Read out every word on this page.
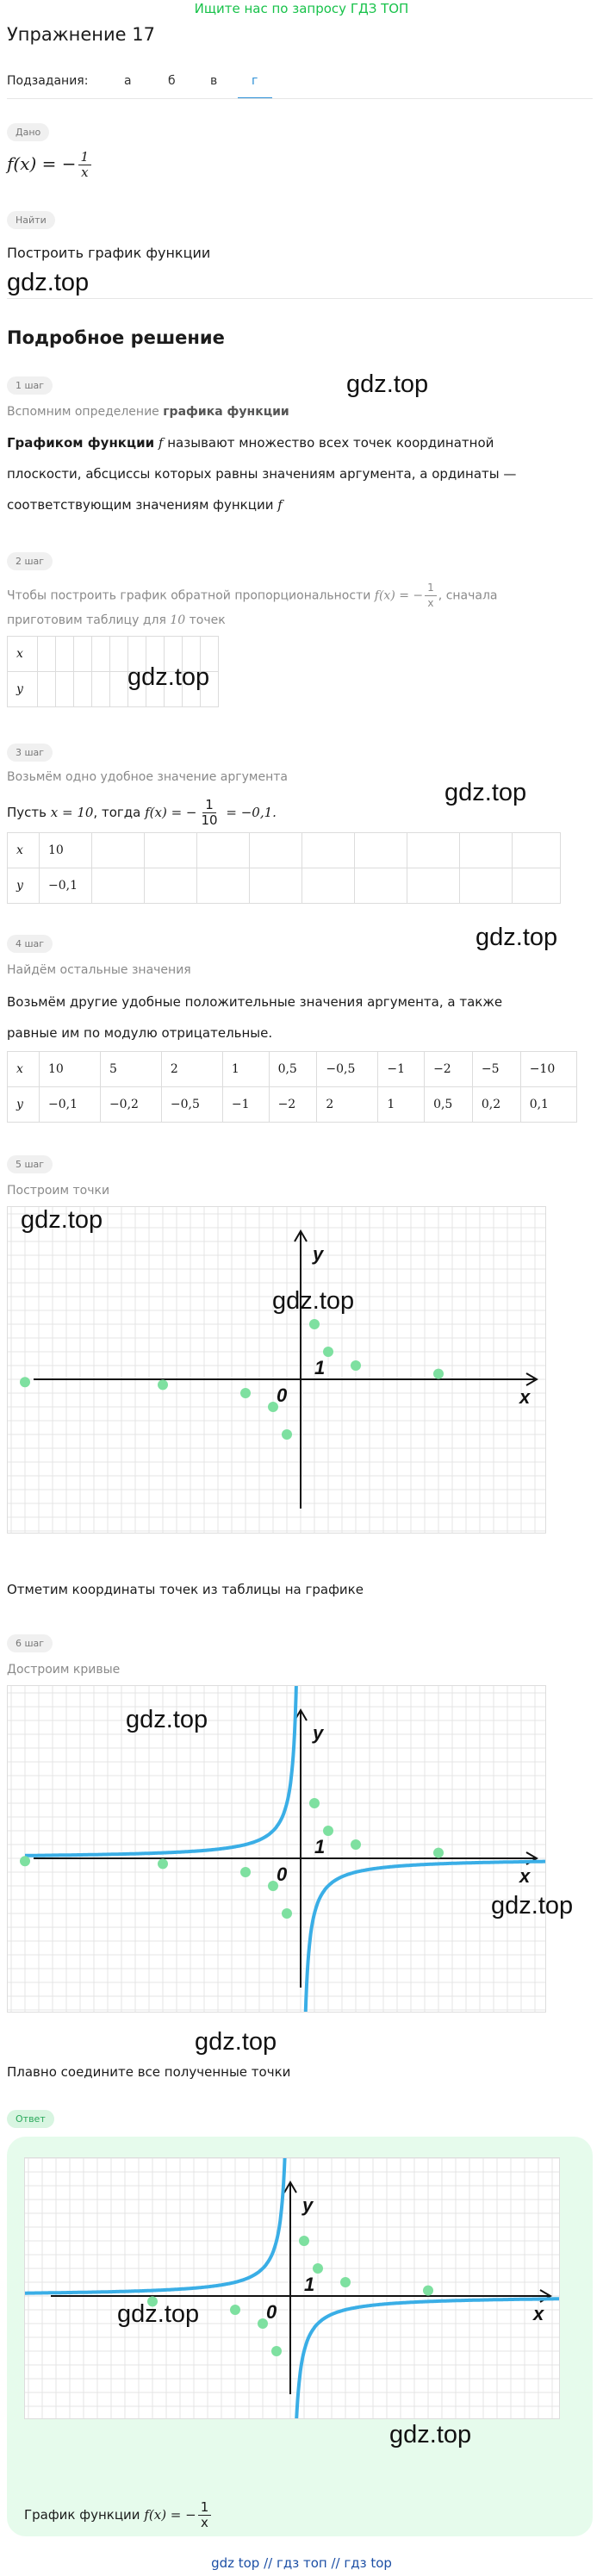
Ищите нас по запросу ГДЗ ТОП
Упражнение 17
Подзадания:	а	б	в	г
Дано
f(x) = − $\frac{1}{x}$
Найти
Построить график функции
gdz.top
Подробное решение
gdz.top
1 шаг
Вспомним определение графика функции
Графиком функции f называют множество всех точек координатной
плоскости, абсциссы которых равны значениям аргумента, а ординаты —
соответствующим значениям функции f
2 шаг
Чтобы построить график обратной пропорциональности f(x) = − $\frac{1}{x}$ , сначала
приготовим таблицу для 10 точек
x										
y											gdz.top
3 шаг
gdz.top
Возьмём одно удобное значение аргумента
Пусть x = 10, тогда f(x) = − $\frac{1}{10} = -0,1$.
x	10									
y	−0,1									
4 шаг	gdz.top
Найдём остальные значения
Возьмём другие удобные положительные значения аргумента, а также
равные им по модулю отрицательные.
x	10	5	2	1	0,5	−0,5	−1	−2	−5	−10
y	−0,1	−0,2	−0,5	−1	−2	2	1	0,5	0,2	0,1
5 шаг
Построим точки
x
y
0
1
gdz.top
gdz.top
Отметим координаты точек из таблицы на графике
6 шаг
Достроим кривые
x
y
0
1
gdz.top
gdz.top
gdz.top
Плавно соедините все полученные точки
Ответ
x
y
0
1
gdz.top
gdz.top
График функции f(x) = − $\frac{1}{x}$
gdz top // гдз топ // гдз top
